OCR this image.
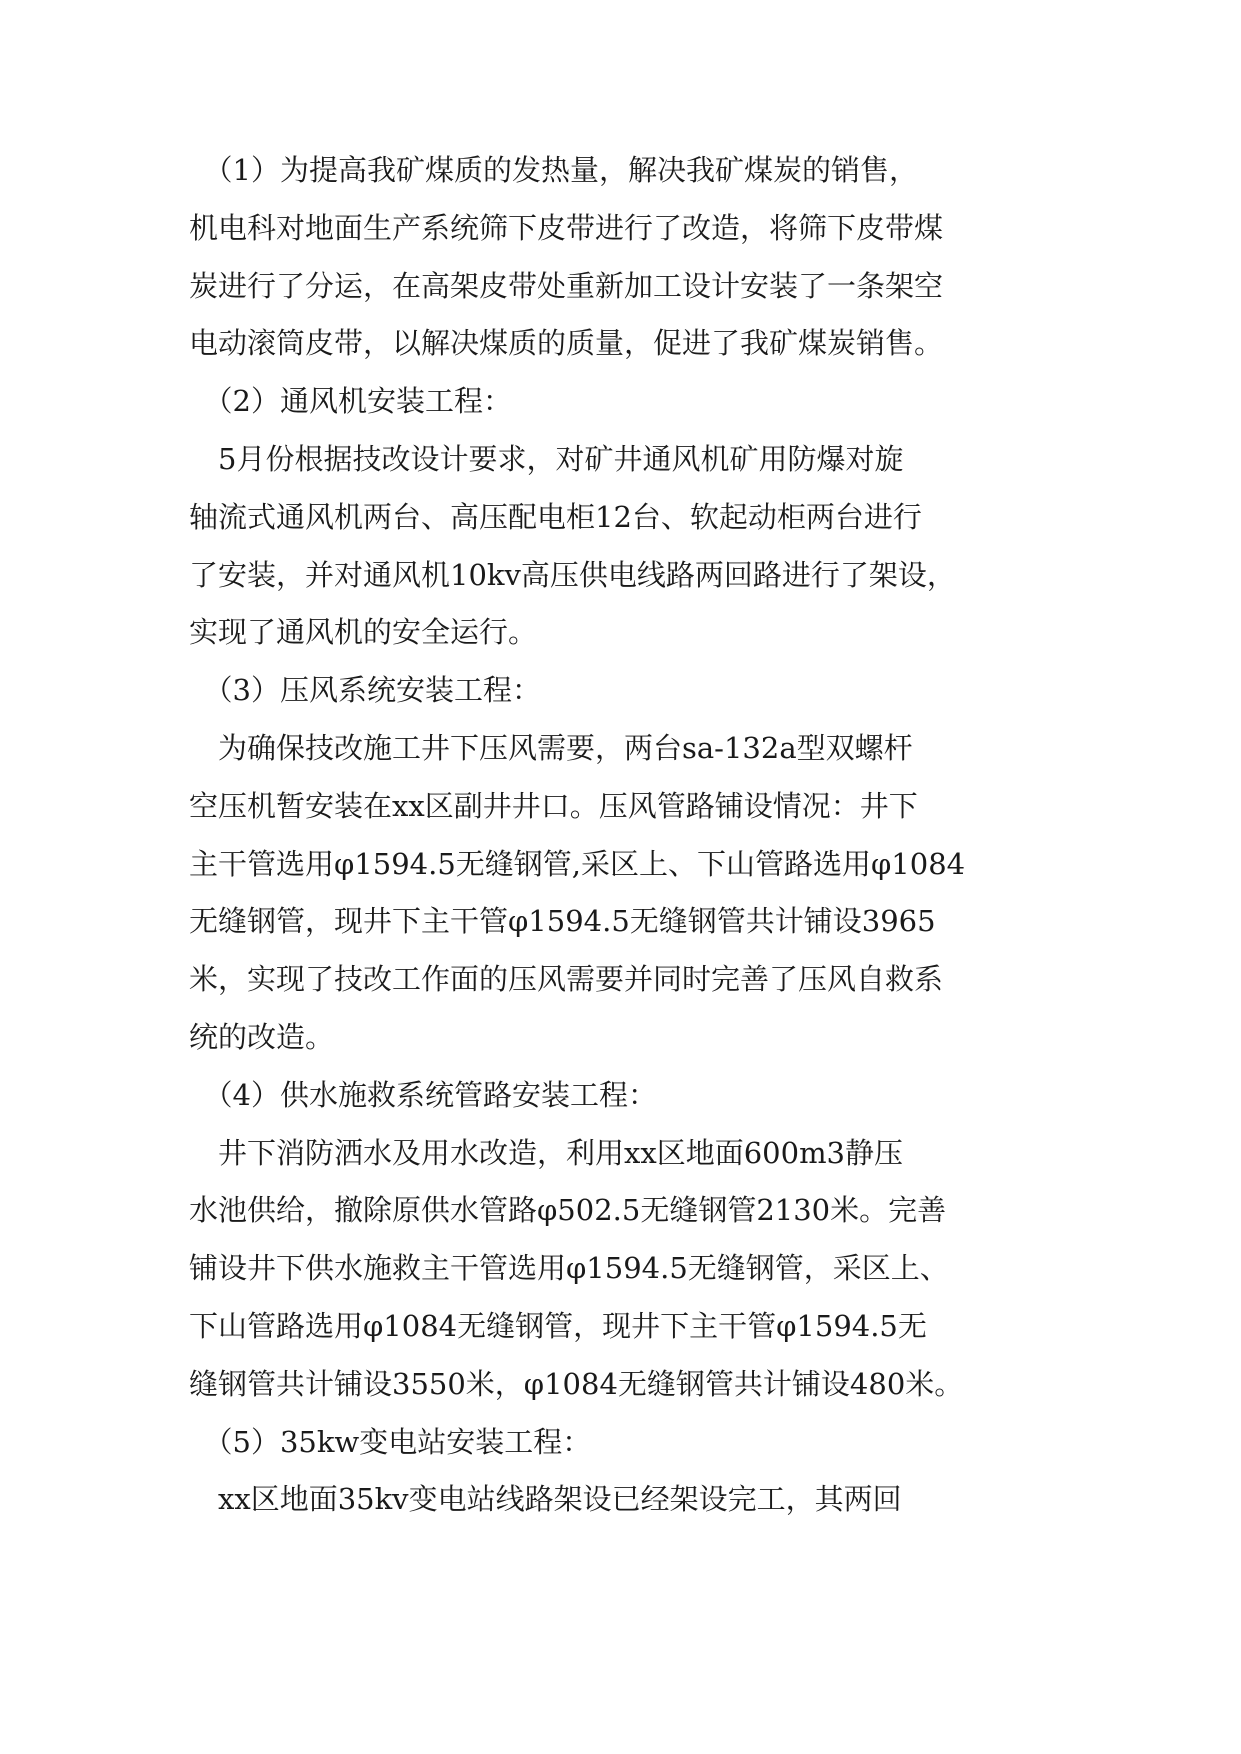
　（1）为提高我矿煤质的发热量，解决我矿煤炭的销售，
机电科对地面生产系统筛下皮带进行了改造，将筛下皮带煤
炭进行了分运，在高架皮带处重新加工设计安装了一条架空
电动滚筒皮带，以解决煤质的质量，促进了我矿煤炭销售。
　（2）通风机安装工程：
　5月份根据技改设计要求，对矿井通风机矿用防爆对旋
轴流式通风机两台、高压配电柜12台、软起动柜两台进行
了安装，并对通风机10kv高压供电线路两回路进行了架设，
实现了通风机的安全运行。
　（3）压风系统安装工程：
　为确保技改施工井下压风需要，两台sa-132a型双螺杆
空压机暂安装在xx区副井井口。压风管路铺设情况：井下
主干管选用φ1594.5无缝钢管,采区上、下山管路选用φ1084
无缝钢管，现井下主干管φ1594.5无缝钢管共计铺设3965
米，实现了技改工作面的压风需要并同时完善了压风自救系
统的改造。
　（4）供水施救系统管路安装工程：
　井下消防洒水及用水改造，利用xx区地面600m3静压
水池供给，撤除原供水管路φ502.5无缝钢管2130米。完善
铺设井下供水施救主干管选用φ1594.5无缝钢管，采区上、
下山管路选用φ1084无缝钢管，现井下主干管φ1594.5无
缝钢管共计铺设3550米，φ1084无缝钢管共计铺设480米。
　（5）35kw变电站安装工程：
　xx区地面35kv变电站线路架设已经架设完工，其两回
